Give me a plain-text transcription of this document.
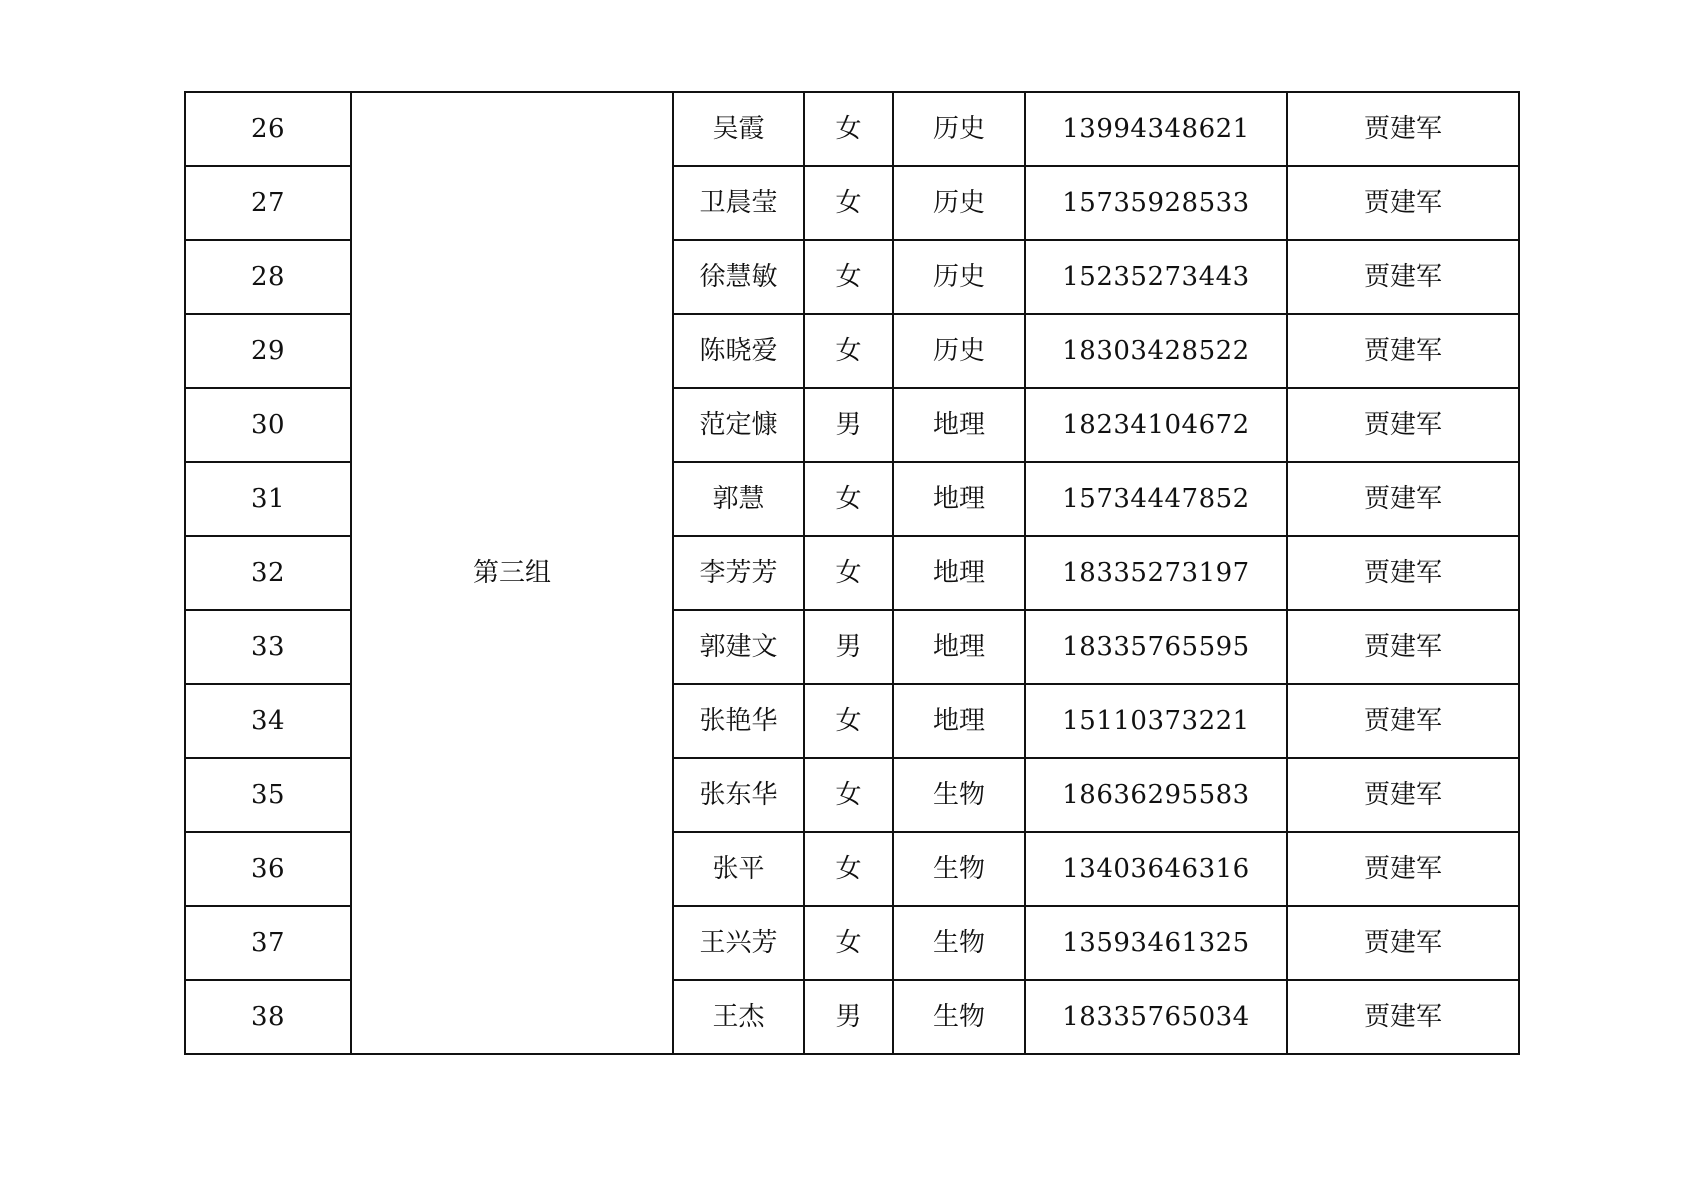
26	第三组	吴霞	女	历史	13994348621	贾建军
27		卫晨莹	女	历史	15735928533	贾建军
28		徐慧敏	女	历史	15235273443	贾建军
29		陈晓爱	女	历史	18303428522	贾建军
30		范定慷	男	地理	18234104672	贾建军
31		郭慧	女	地理	15734447852	贾建军
32		李芳芳	女	地理	18335273197	贾建军
33		郭建文	男	地理	18335765595	贾建军
34		张艳华	女	地理	15110373221	贾建军
35		张东华	女	生物	18636295583	贾建军
36		张平	女	生物	13403646316	贾建军
37		王兴芳	女	生物	13593461325	贾建军
38		王杰	男	生物	18335765034	贾建军
